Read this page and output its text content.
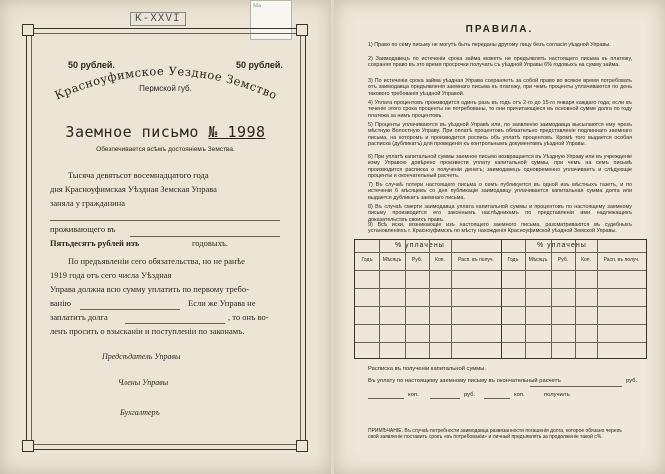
K-XXVI
Ма
50 рублей.	50 рублей.
Красноуфимское Уездное Земство
Пермской губ.
Заемное письмо № 1998
Обезпечивается всѣмъ достоянiемъ Земства.
Тысяча девятьсот восемнадцатого года
дня Красноуфимская Уѣздная Земская Управа
заняла у гражданина
проживающего въ
Пятьдесятъ рублей изъ	годовыхъ.
По предъявленiи сего обязательства, но не ранѣе
1919 года отъ сего числа Уѣздная
Управа должна всю сумму уплатить по первому требо-
ванiю	Если же Управа не
заплатитъ долга	, то онъ во-
ленъ просить о взысканiи и поступленiи по законамъ.
Предсѣдатель Управы
Члены Управы
Бухгалтеръ
ПРАВИЛА.
1) Право по сему письму не могутъ быть переданы другому лицу безъ согласiя уѣздной Управы.
2) Заимодавецъ по истеченiи срока займа можетъ не предъявлять настоящего письма къ платежу, сохраняя право въ это время просрочки получать съ уѣздной Управы 6% годовыхъ на сумму займа.
3) По истеченiи срока займа уѣздная Управа сохраняетъ за собой право во всякое время потребовать отъ заимодавца предъявленiя заемнаго письма къ платежу, при чемъ проценты уплачиваются по день такового требованiя уѣздной Управой.
4) Уплата процентовъ производится одинъ разъ въ годъ отъ 2-го до 15-го января каждаго года; если въ теченiе этого срока проценты не потребованы, то они причитающiеся въ основной сумме долга по году платежа за нимъ процентовъ.
5) Проценты уплачиваются въ уѣздной Управѣ или, по заявленiю заимодавца высылаются ему чрезъ мѣстную Волостную Управу. При оплатѣ процентовъ обязательно представленiе подлиннаго заемнаго письма, на которомъ и производится роспись объ уплатѣ процентовъ. Кромѣ того выдается особая расписка (дубликатъ) для проведенiя къ контрольнымъ документамъ уѣздной Управы.
6) При уплатѣ капитальной суммы заемное письмо возвращается въ Уѣздную Управу или въ учрежденiе кому Управою довѣрено произвести уплату капитальной суммы, при чемъ на семъ письмѣ производится расписка о полученiи денегъ; заимодавецъ одновременно уплачиваетъ и слѣдующiе проценты и окончательный расчетъ.
7) Въ случаѣ потери настоящего письма о семъ публикуется въ одной изъ мѣстныхъ газетъ, и по истеченiи 6 мѣсяцевъ со дня публикацiи заимодавцу уплачивается капитальная сумма долга или выдается дубликатъ заемнаго письма.
8) Въ случаѣ смерти заимодавца уплата капитальной суммы и процентовъ по настоящему заемному письму производится его законнымъ наслѣдникамъ по представленiи ими надлежащихъ доказательствъ своихъ правъ.
9) Всѣ иски, возникающiе изъ настоящего заемного письма, разсматриваются въ судебныхъ установленiяхъ г. Красноуфимскъ по мѣсту нахожденiя Красноуфимской уѣздной Земской Управы.
% уплачены	% уплачены
Годъ	Мѣсяцъ	Руб.	Коп.	Расп. въ получ.	Годъ	Мѣсяцъ	Руб.	Коп.	Расп. въ получ.
Расписка въ полученiи капитальной суммы.
Въ уплату по настоящему заемному письму въ окончательный расчетъ	руб.
коп.	руб.	коп.	получилъ
ПРИМѢЧАНIЕ. Въ случаѣ потребности заимодавца развязанности погашенiя долга, которое обязано черезъ свой заявленiе поставить срокъ «въ потребованiи» и личный предъявлять за продолженiе такой с%.
